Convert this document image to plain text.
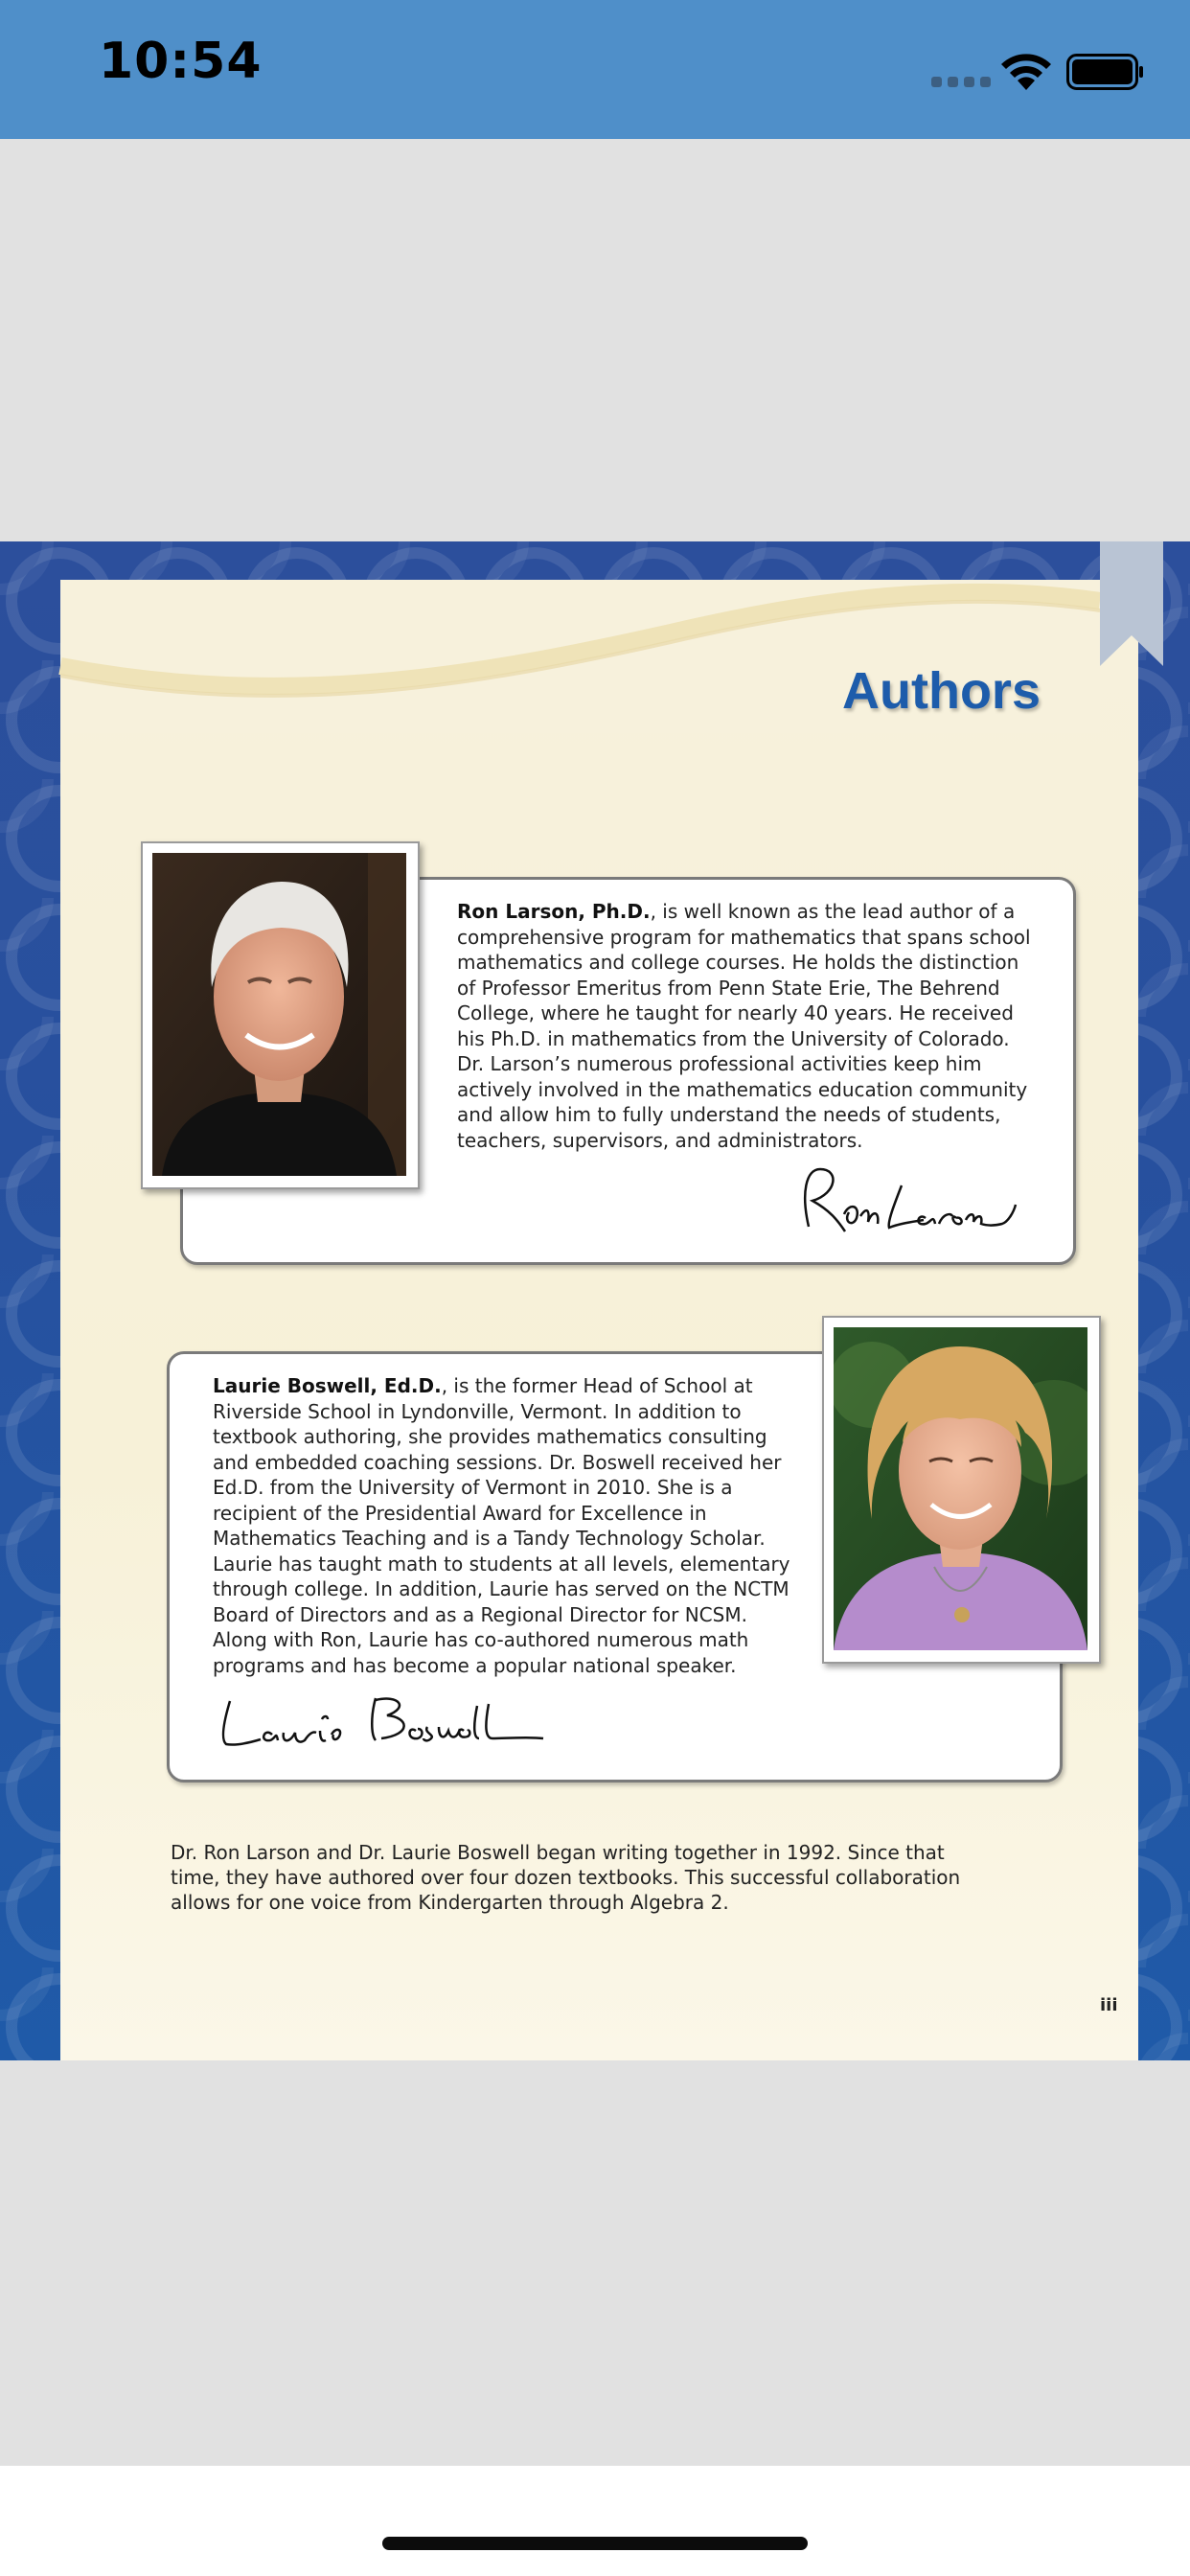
10:54
Authors
Ron Larson, Ph.D., is well known as the lead author of a comprehensive program for mathematics that spans school mathematics and college courses. He holds the distinction of Professor Emeritus from Penn State Erie, The Behrend College, where he taught for nearly 40 years. He received his Ph.D. in mathematics from the University of Colorado. Dr. Larson’s numerous professional activities keep him actively involved in the mathematics education community and allow him to fully understand the needs of students, teachers, supervisors, and administrators.
Laurie Boswell, Ed.D., is the former Head of School at Riverside School in Lyndonville, Vermont. In addition to textbook authoring, she provides mathematics consulting and embedded coaching sessions. Dr. Boswell received her Ed.D. from the University of Vermont in 2010. She is a recipient of the Presidential Award for Excellence in Mathematics Teaching and is a Tandy Technology Scholar. Laurie has taught math to students at all levels, elementary through college. In addition, Laurie has served on the NCTM Board of Directors and as a Regional Director for NCSM. Along with Ron, Laurie has co-authored numerous math programs and has become a popular national speaker.
Dr. Ron Larson and Dr. Laurie Boswell began writing together in 1992. Since that time, they have authored over four dozen textbooks. This successful collaboration allows for one voice from Kindergarten through Algebra 2.
iii
